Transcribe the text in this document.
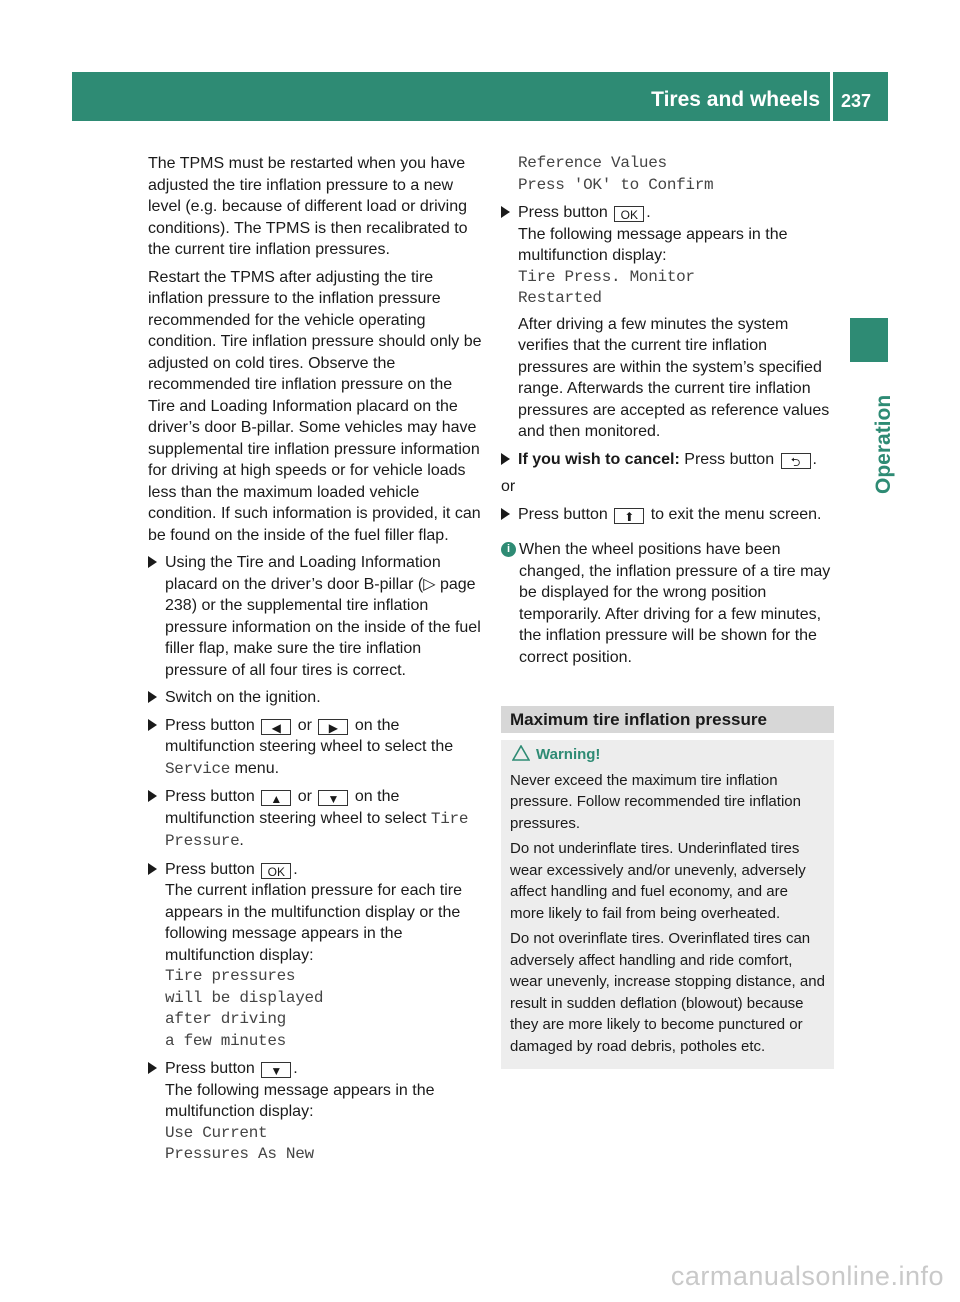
Tires and wheels 237
Operation

The TPMS must be restarted when you have adjusted the tire inflation pressure to a new level (e.g. because of different load or driving conditions). The TPMS is then recalibrated to the current tire inflation pressures.

Restart the TPMS after adjusting the tire inflation pressure to the inflation pressure recommended for the vehicle operating condition. Tire inflation pressure should only be adjusted on cold tires. Observe the recommended tire inflation pressure on the Tire and Loading Information placard on the driver’s door B-pillar. Some vehicles may have supplemental tire inflation pressure information for driving at high speeds or for vehicle loads less than the maximum loaded vehicle condition. If such information is provided, it can be found on the inside of the fuel filler flap.

Using the Tire and Loading Information placard on the driver’s door B-pillar (▷ page 238) or the supplemental tire inflation pressure information on the inside of the fuel filler flap, make sure the tire inflation pressure of all four tires is correct.
Switch on the ignition.
Press button ◀ or ▶ on the multifunction steering wheel to select the Service menu.
Press button ▲ or ▼ on the multifunction steering wheel to select Tire Pressure.
Press button OK .
The current inflation pressure for each tire appears in the multifunction display or the following message appears in the multifunction display:
Tire pressures
will be displayed
after driving
a few minutes
Press button ▼ .
The following message appears in the multifunction display:
Use Current
Pressures As New
Reference Values
Press 'OK' to Confirm
Press button OK .
The following message appears in the multifunction display:
Tire Press. Monitor
Restarted
After driving a few minutes the system verifies that the current tire inflation pressures are within the system’s specified range. Afterwards the current tire inflation pressures are accepted as reference values and then monitored.
If you wish to cancel: Press button ⮌ .

or

Press button ⬆ to exit the menu screen.
i When the wheel positions have been changed, the inflation pressure of a tire may be displayed for the wrong position temporarily. After driving for a few minutes, the inflation pressure will be shown for the correct position.
Maximum tire inflation pressure
Warning!

Never exceed the maximum tire inflation pressure. Follow recommended tire inflation pressures.

Do not underinflate tires. Underinflated tires wear excessively and/or unevenly, adversely affect handling and fuel economy, and are more likely to fail from being overheated.

Do not overinflate tires. Overinflated tires can adversely affect handling and ride comfort, wear unevenly, increase stopping distance, and result in sudden deflation (blowout) because they are more likely to become punctured or damaged by road debris, potholes etc.

carmanualsonline.info
